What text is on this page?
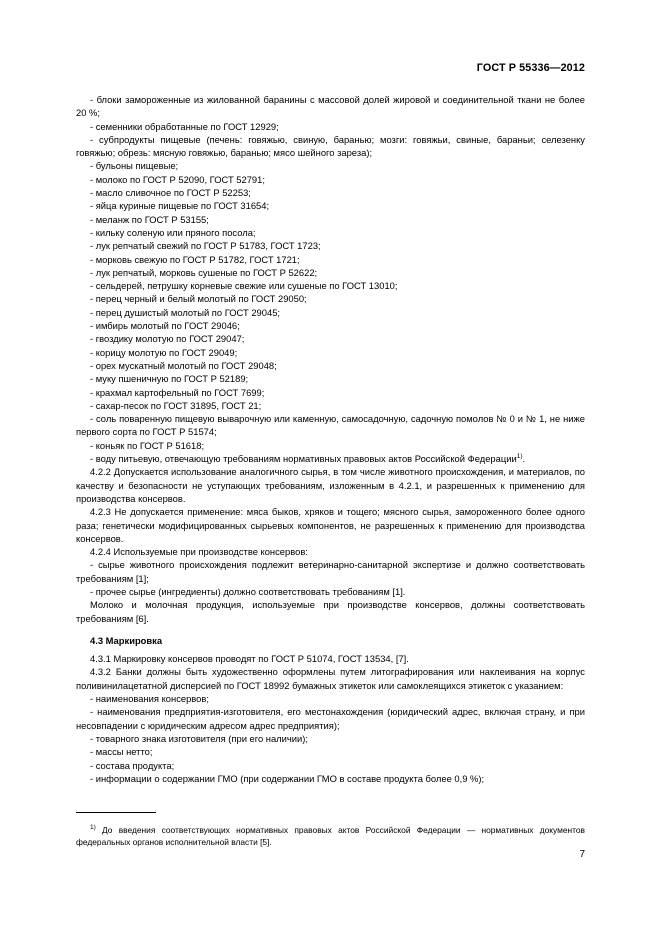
ГОСТ Р 55336—2012

- блоки замороженные из жилованной баранины с массовой долей жировой и соединительной ткани не более 20 %;

- семенники обработанные по ГОСТ 12929;

- субпродукты пищевые (печень: говяжью, свиную, баранью; мозги: говяжьи, свиные, бараньи; селезенку говяжью; обрезь: мясную говяжью, баранью; мясо шейного зареза);

- бульоны пищевые;

- молоко по ГОСТ Р 52090, ГОСТ 52791;

- масло сливочное по ГОСТ Р 52253;

- яйца куриные пищевые по ГОСТ 31654;

- меланж по ГОСТ Р 53155;

- кильку соленую или пряного посола;

- лук репчатый свежий по ГОСТ Р 51783, ГОСТ 1723;

- морковь свежую по ГОСТ Р 51782, ГОСТ 1721;

- лук репчатый, морковь сушеные по ГОСТ Р 52622;

- сельдерей, петрушку корневые свежие или сушеные по ГОСТ 13010;

- перец черный и белый молотый по ГОСТ 29050;

- перец душистый молотый по ГОСТ 29045;

- имбирь молотый по ГОСТ 29046;

- гвоздику молотую по ГОСТ 29047;

- корицу молотую по ГОСТ 29049;

- орех мускатный молотый по ГОСТ 29048;

- муку пшеничную по ГОСТ Р 52189;

- крахмал картофельный по ГОСТ 7699;

- сахар-песок по ГОСТ 31895, ГОСТ 21;

- соль поваренную пищевую выварочную или каменную, самосадочную, садочную помолов № 0 и № 1, не ниже первого сорта по ГОСТ Р 51574;

- коньяк по ГОСТ Р 51618;

- воду питьевую, отвечающую требованиям нормативных правовых актов Российской Федерации$^{1)}$.

4.2.2 Допускается использование аналогичного сырья, в том числе животного происхождения, и материалов, по качеству и безопасности не уступающих требованиям, изложенным в 4.2.1, и разрешенных к применению для производства консервов.

4.2.3 Не допускается применение: мяса быков, хряков и тощего; мясного сырья, замороженного более одного раза; генетически модифицированных сырьевых компонентов, не разрешенных к применению для производства консервов.

4.2.4 Используемые при производстве консервов:

- сырье животного происхождения подлежит ветеринарно-санитарной экспертизе и должно соответствовать требованиям [1];

- прочее сырье (ингредиенты) должно соответствовать требованиям [1].

Молоко и молочная продукция, используемые при производстве консервов, должны соответствовать требованиям [6].

4.3 Маркировка

4.3.1 Маркировку консервов проводят по ГОСТ Р 51074, ГОСТ 13534, [7].

4.3.2 Банки должны быть художественно оформлены путем литографирования или наклеивания на корпус поливинилацетатной дисперсией по ГОСТ 18992 бумажных этикеток или самоклеящихся этикеток с указанием:

- наименования консервов;

- наименования предприятия-изготовителя, его местонахождения (юридический адрес, включая страну, и при несовпадении с юридическим адресом адрес предприятия);

- товарного знака изготовителя (при его наличии);

- массы нетто;

- состава продукта;

- информации о содержании ГМО (при содержании ГМО в составе продукта более 0,9 %);

$^{1)}$ До введения соответствующих нормативных правовых актов Российской Федерации — нормативных документов федеральных органов исполнительной власти [5].

7
